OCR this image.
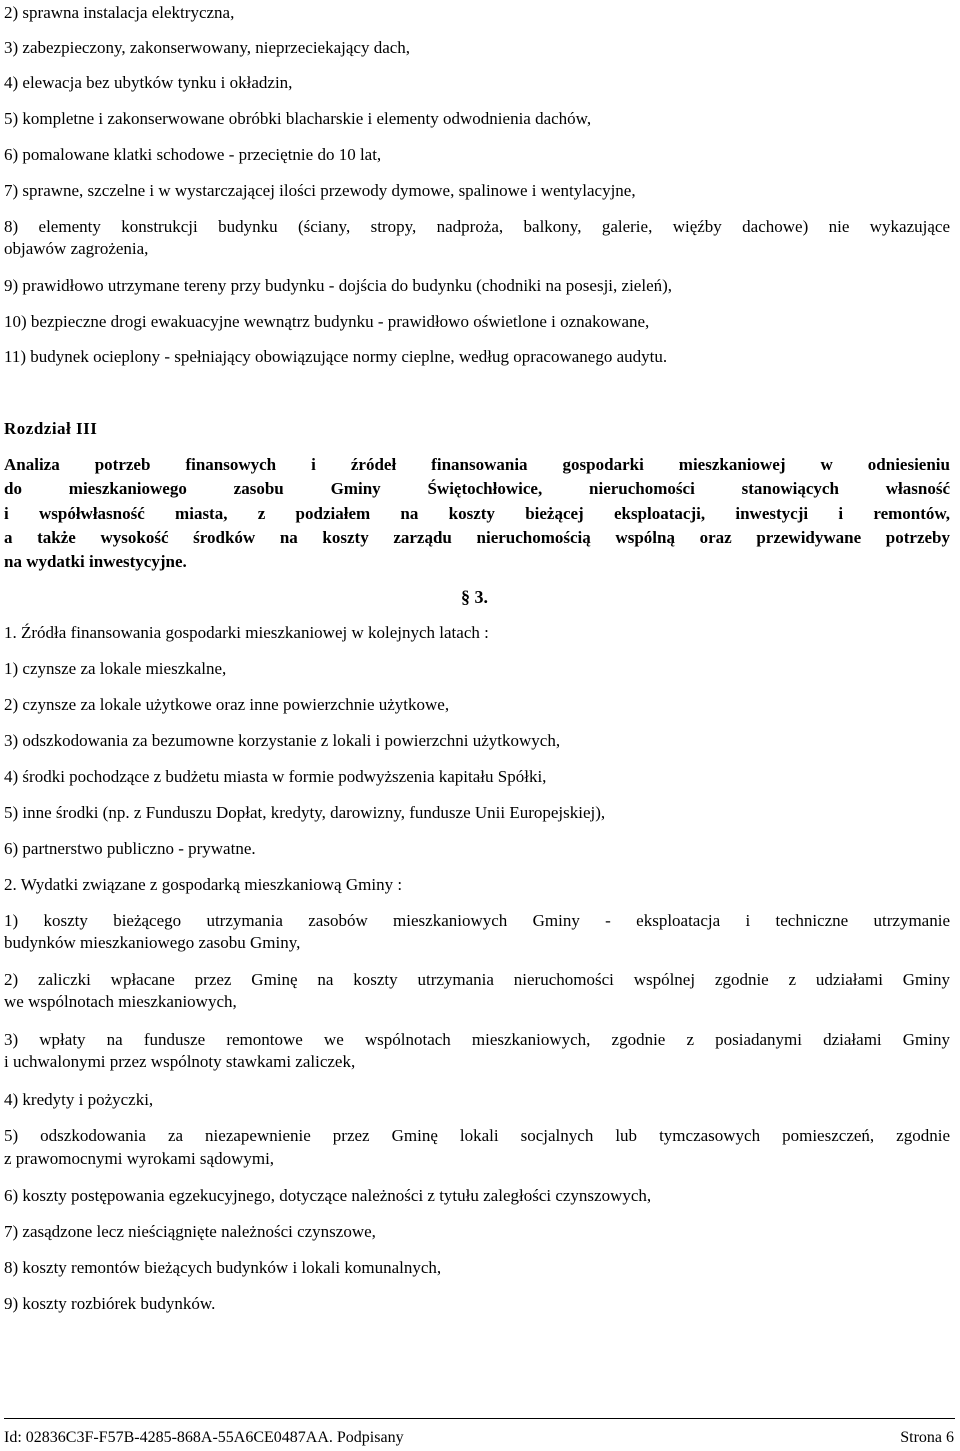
2) sprawna instalacja elektryczna,
3) zabezpieczony, zakonserwowany, nieprzeciekający dach,
4) elewacja bez ubytków tynku i okładzin,
5) kompletne i zakonserwowane obróbki blacharskie i elementy odwodnienia dachów,
6) pomalowane klatki schodowe - przeciętnie do 10 lat,
7) sprawne, szczelne i w wystarczającej ilości przewody dymowe, spalinowe i wentylacyjne,
8) elementy konstrukcji budynku (ściany, stropy, nadproża, balkony, galerie, więźby dachowe) nie wykazujące
objawów zagrożenia,
9) prawidłowo utrzymane tereny przy budynku - dojścia do budynku (chodniki na posesji, zieleń),
10) bezpieczne drogi ewakuacyjne wewnątrz budynku - prawidłowo oświetlone i oznakowane,
11) budynek ocieplony - spełniający obowiązujące normy cieplne, według opracowanego audytu.
Rozdział III
Analiza potrzeb finansowych i źródeł finansowania gospodarki mieszkaniowej w odniesieniu
do mieszkaniowego zasobu Gminy Świętochłowice, nieruchomości stanowiących własność
i współwłasność miasta, z podziałem na koszty bieżącej eksploatacji, inwestycji i remontów,
a także wysokość środków na koszty zarządu nieruchomością wspólną oraz przewidywane potrzeby
na wydatki inwestycyjne.
§ 3.
1. Źródła finansowania gospodarki mieszkaniowej w kolejnych latach :
1) czynsze za lokale mieszkalne,
2) czynsze za lokale użytkowe oraz inne powierzchnie użytkowe,
3) odszkodowania za bezumowne korzystanie z lokali i powierzchni użytkowych,
4) środki pochodzące z budżetu miasta w formie podwyższenia kapitału Spółki,
5) inne środki (np. z Funduszu Dopłat, kredyty, darowizny, fundusze Unii Europejskiej),
6) partnerstwo publiczno - prywatne.
2. Wydatki związane z gospodarką mieszkaniową Gminy :
1) koszty bieżącego utrzymania zasobów mieszkaniowych Gminy - eksploatacja i techniczne utrzymanie
budynków mieszkaniowego zasobu Gminy,
2) zaliczki wpłacane przez Gminę na koszty utrzymania nieruchomości wspólnej zgodnie z udziałami Gminy
we wspólnotach mieszkaniowych,
3) wpłaty na fundusze remontowe we wspólnotach mieszkaniowych, zgodnie z posiadanymi działami Gminy
i uchwalonymi przez wspólnoty stawkami zaliczek,
4) kredyty i pożyczki,
5) odszkodowania za niezapewnienie przez Gminę lokali socjalnych lub tymczasowych pomieszczeń, zgodnie
z prawomocnymi wyrokami sądowymi,
6) koszty postępowania egzekucyjnego, dotyczące należności z tytułu zaległości czynszowych,
7) zasądzone lecz nieściągnięte należności czynszowe,
8) koszty remontów bieżących budynków i lokali komunalnych,
9) koszty rozbiórek budynków.
Id: 02836C3F-F57B-4285-868A-55A6CE0487AA. Podpisany	Strona 6
